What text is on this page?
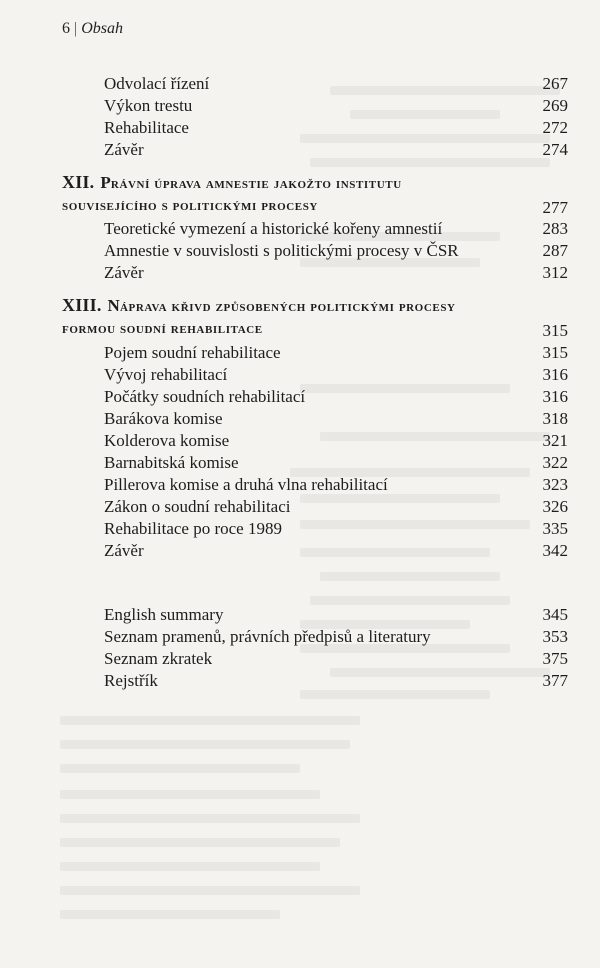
6 | Obsah
Odvolací řízení	267
Výkon trestu	269
Rehabilitace	272
Závěr	274
XII. Právní úprava amnestie jakožto institutu
souvisejícího s politickými procesy	277
Teoretické vymezení a historické kořeny amnestií	283
Amnestie v souvislosti s politickými procesy v ČSR	287
Závěr	312
XIII. Náprava křivd způsobených politickými procesy
formou soudní rehabilitace	315
Pojem soudní rehabilitace	315
Vývoj rehabilitací	316
Počátky soudních rehabilitací	316
Barákova komise	318
Kolderova komise	321
Barnabitská komise	322
Pillerova komise a druhá vlna rehabilitací	323
Zákon o soudní rehabilitaci	326
Rehabilitace po roce 1989	335
Závěr	342
English summary	345
Seznam pramenů, právních předpisů a literatury	353
Seznam zkratek	375
Rejstřík	377
